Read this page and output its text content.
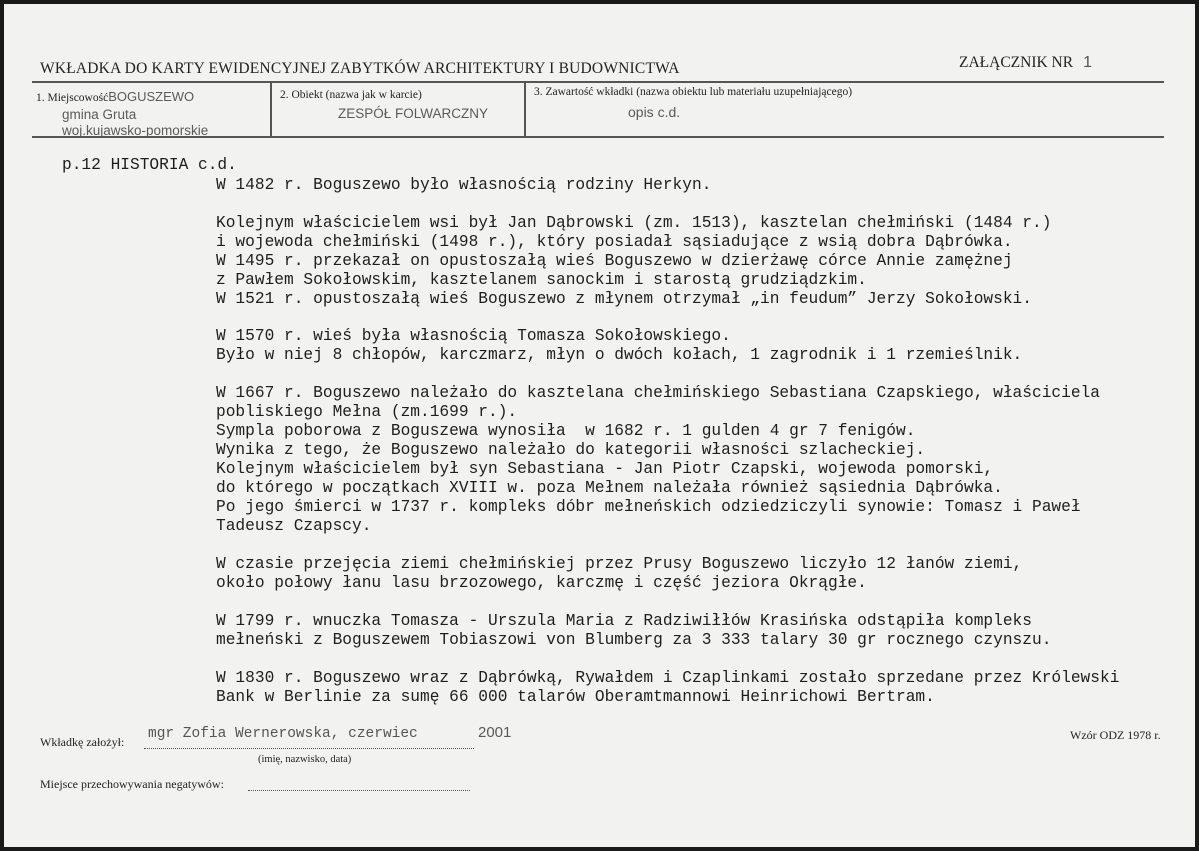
WKŁADKA DO KARTY EWIDENCYJNEJ ZABYTKÓW ARCHITEKTURY I BUDOWNICTWA	ZAŁĄCZNIK NR 1
1. MiejscowośćBOGUSZEWO
gmina Gruta
woj.kujawsko-pomorskie
2. Obiekt (nazwa jak w karcie)
ZESPÓŁ FOLWARCZNY
3. Zawartość wkładki (nazwa obiektu lub materiału uzupełniającego)
opis c.d.
p.12 HISTORIA c.d.
W 1482 r. Boguszewo było własnością rodziny Herkyn.
Kolejnym właścicielem wsi był Jan Dąbrowski (zm. 1513), kasztelan chełmiński (1484 r.)
i wojewoda chełmiński (1498 r.), który posiadał sąsiadujące z wsią dobra Dąbrówka.
W 1495 r. przekazał on opustoszałą wieś Boguszewo w dzierżawę córce Annie zamężnej
z Pawłem Sokołowskim, kasztelanem sanockim i starostą grudziądzkim.
W 1521 r. opustoszałą wieś Boguszewo z młynem otrzymał „in feudum” Jerzy Sokołowski.
W 1570 r. wieś była własnością Tomasza Sokołowskiego.
Było w niej 8 chłopów, karczmarz, młyn o dwóch kołach, 1 zagrodnik i 1 rzemieślnik.
W 1667 r. Boguszewo należało do kasztelana chełmińskiego Sebastiana Czapskiego, właściciela
pobliskiego Mełna (zm.1699 r.).
Sympla poborowa z Boguszewa wynosiła  w 1682 r. 1 gulden 4 gr 7 fenigów.
Wynika z tego, że Boguszewo należało do kategorii własności szlacheckiej.
Kolejnym właścicielem był syn Sebastiana - Jan Piotr Czapski, wojewoda pomorski,
do którego w początkach XVIII w. poza Mełnem należała również sąsiednia Dąbrówka.
Po jego śmierci w 1737 r. kompleks dóbr mełneńskich odziedziczyli synowie: Tomasz i Paweł
Tadeusz Czapscy.
W czasie przejęcia ziemi chełmińskiej przez Prusy Boguszewo liczyło 12 łanów ziemi,
około połowy łanu lasu brzozowego, karczmę i część jeziora Okrągłe.
W 1799 r. wnuczka Tomasza - Urszula Maria z Radziwiłłów Krasińska odstąpiła kompleks
mełneński z Boguszewem Tobiaszowi von Blumberg za 3 333 talary 30 gr rocznego czynszu.
W 1830 r. Boguszewo wraz z Dąbrówką, Rywałdem i Czaplinkami zostało sprzedane przez Królewski
Bank w Berlinie za sumę 66 000 talarów Oberamtmannowi Heinrichowi Bertram.
Wkładkę założył: mgr Zofia Wernerowska, czerwiec	2001
(imię, nazwisko, data)
Wzór ODZ 1978 r.
Miejsce przechowywania negatywów:
